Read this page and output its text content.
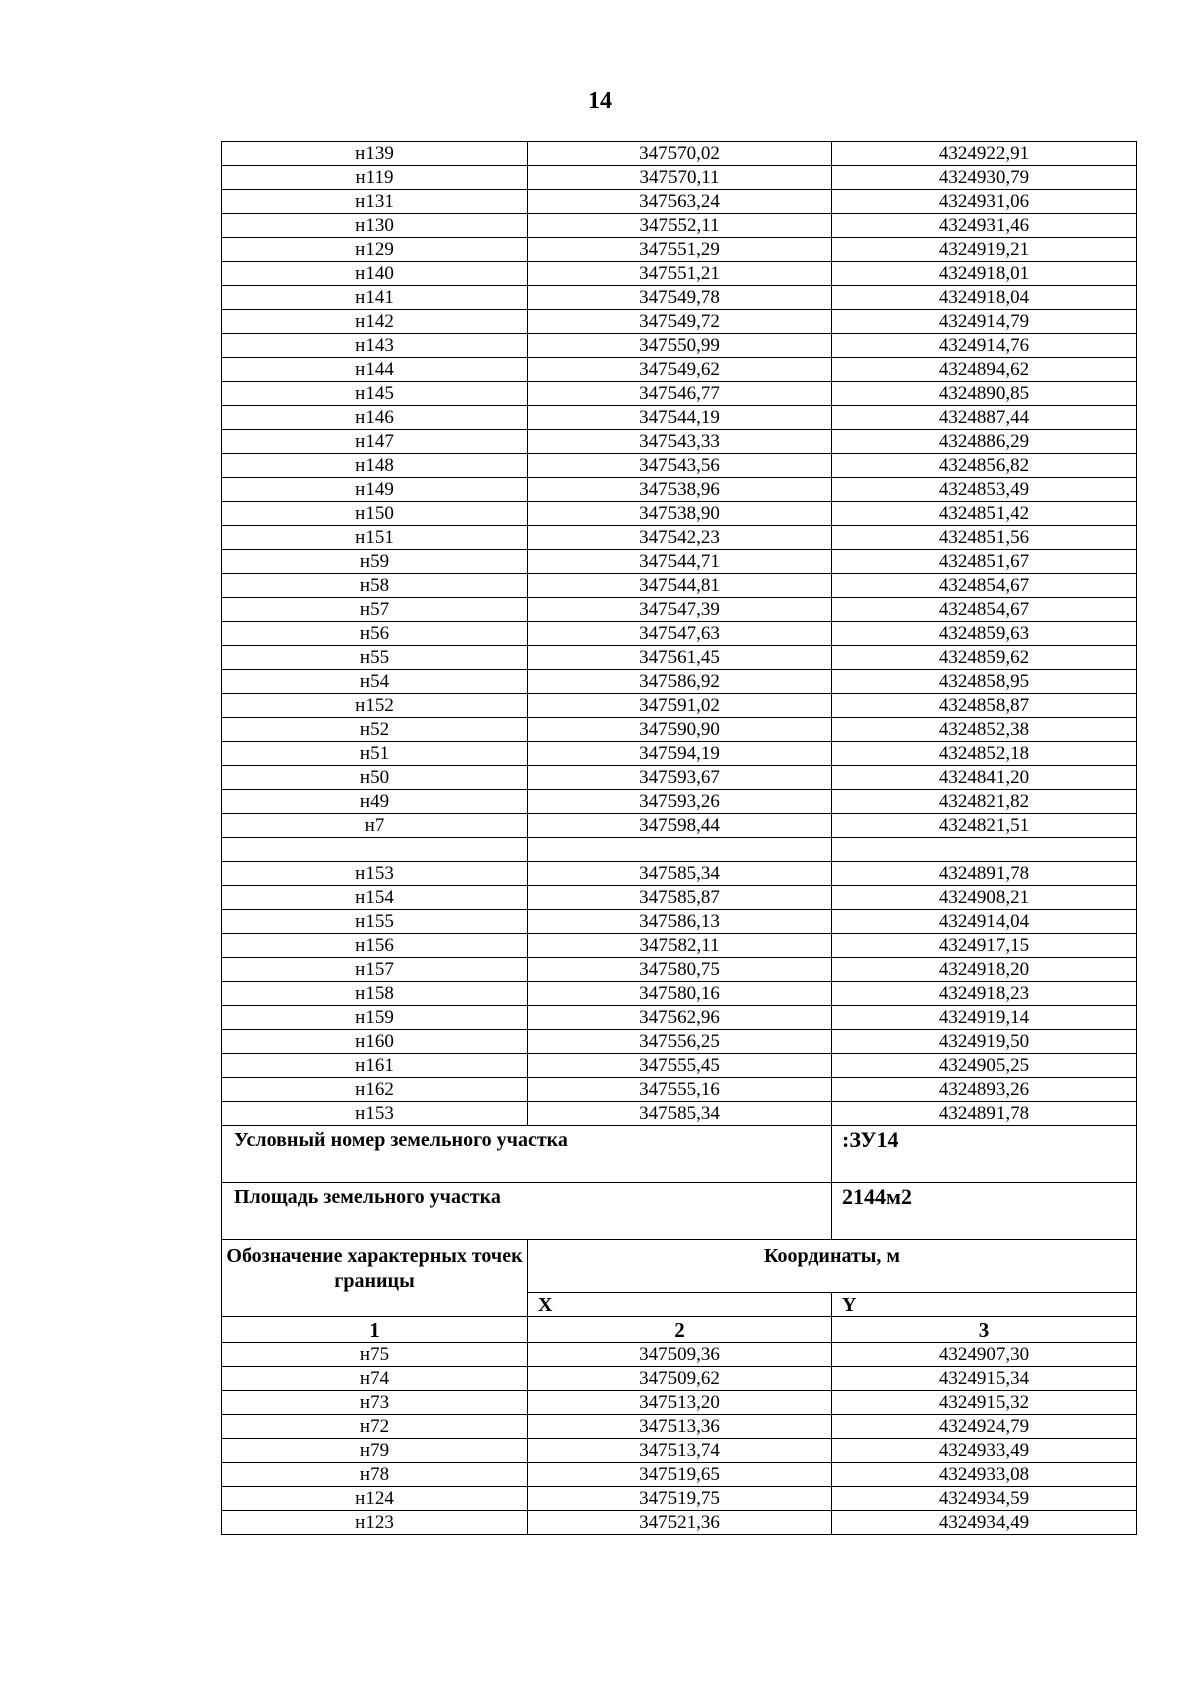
14
н139	347570,02	4324922,91
н119	347570,11	4324930,79
н131	347563,24	4324931,06
н130	347552,11	4324931,46
н129	347551,29	4324919,21
н140	347551,21	4324918,01
н141	347549,78	4324918,04
н142	347549,72	4324914,79
н143	347550,99	4324914,76
н144	347549,62	4324894,62
н145	347546,77	4324890,85
н146	347544,19	4324887,44
н147	347543,33	4324886,29
н148	347543,56	4324856,82
н149	347538,96	4324853,49
н150	347538,90	4324851,42
н151	347542,23	4324851,56
н59	347544,71	4324851,67
н58	347544,81	4324854,67
н57	347547,39	4324854,67
н56	347547,63	4324859,63
н55	347561,45	4324859,62
н54	347586,92	4324858,95
н152	347591,02	4324858,87
н52	347590,90	4324852,38
н51	347594,19	4324852,18
н50	347593,67	4324841,20
н49	347593,26	4324821,82
н7	347598,44	4324821,51

н153	347585,34	4324891,78
н154	347585,87	4324908,21
н155	347586,13	4324914,04
н156	347582,11	4324917,15
н157	347580,75	4324918,20
н158	347580,16	4324918,23
н159	347562,96	4324919,14
н160	347556,25	4324919,50
н161	347555,45	4324905,25
н162	347555,16	4324893,26
н153	347585,34	4324891,78
Условный номер земельного участка		:ЗУ14
Площадь земельного участка		2144м2
Обозначение характерных точек границы	Координаты, м	
	X	Y
1	2	3
н75	347509,36	4324907,30
н74	347509,62	4324915,34
н73	347513,20	4324915,32
н72	347513,36	4324924,79
н79	347513,74	4324933,49
н78	347519,65	4324933,08
н124	347519,75	4324934,59
н123	347521,36	4324934,49
